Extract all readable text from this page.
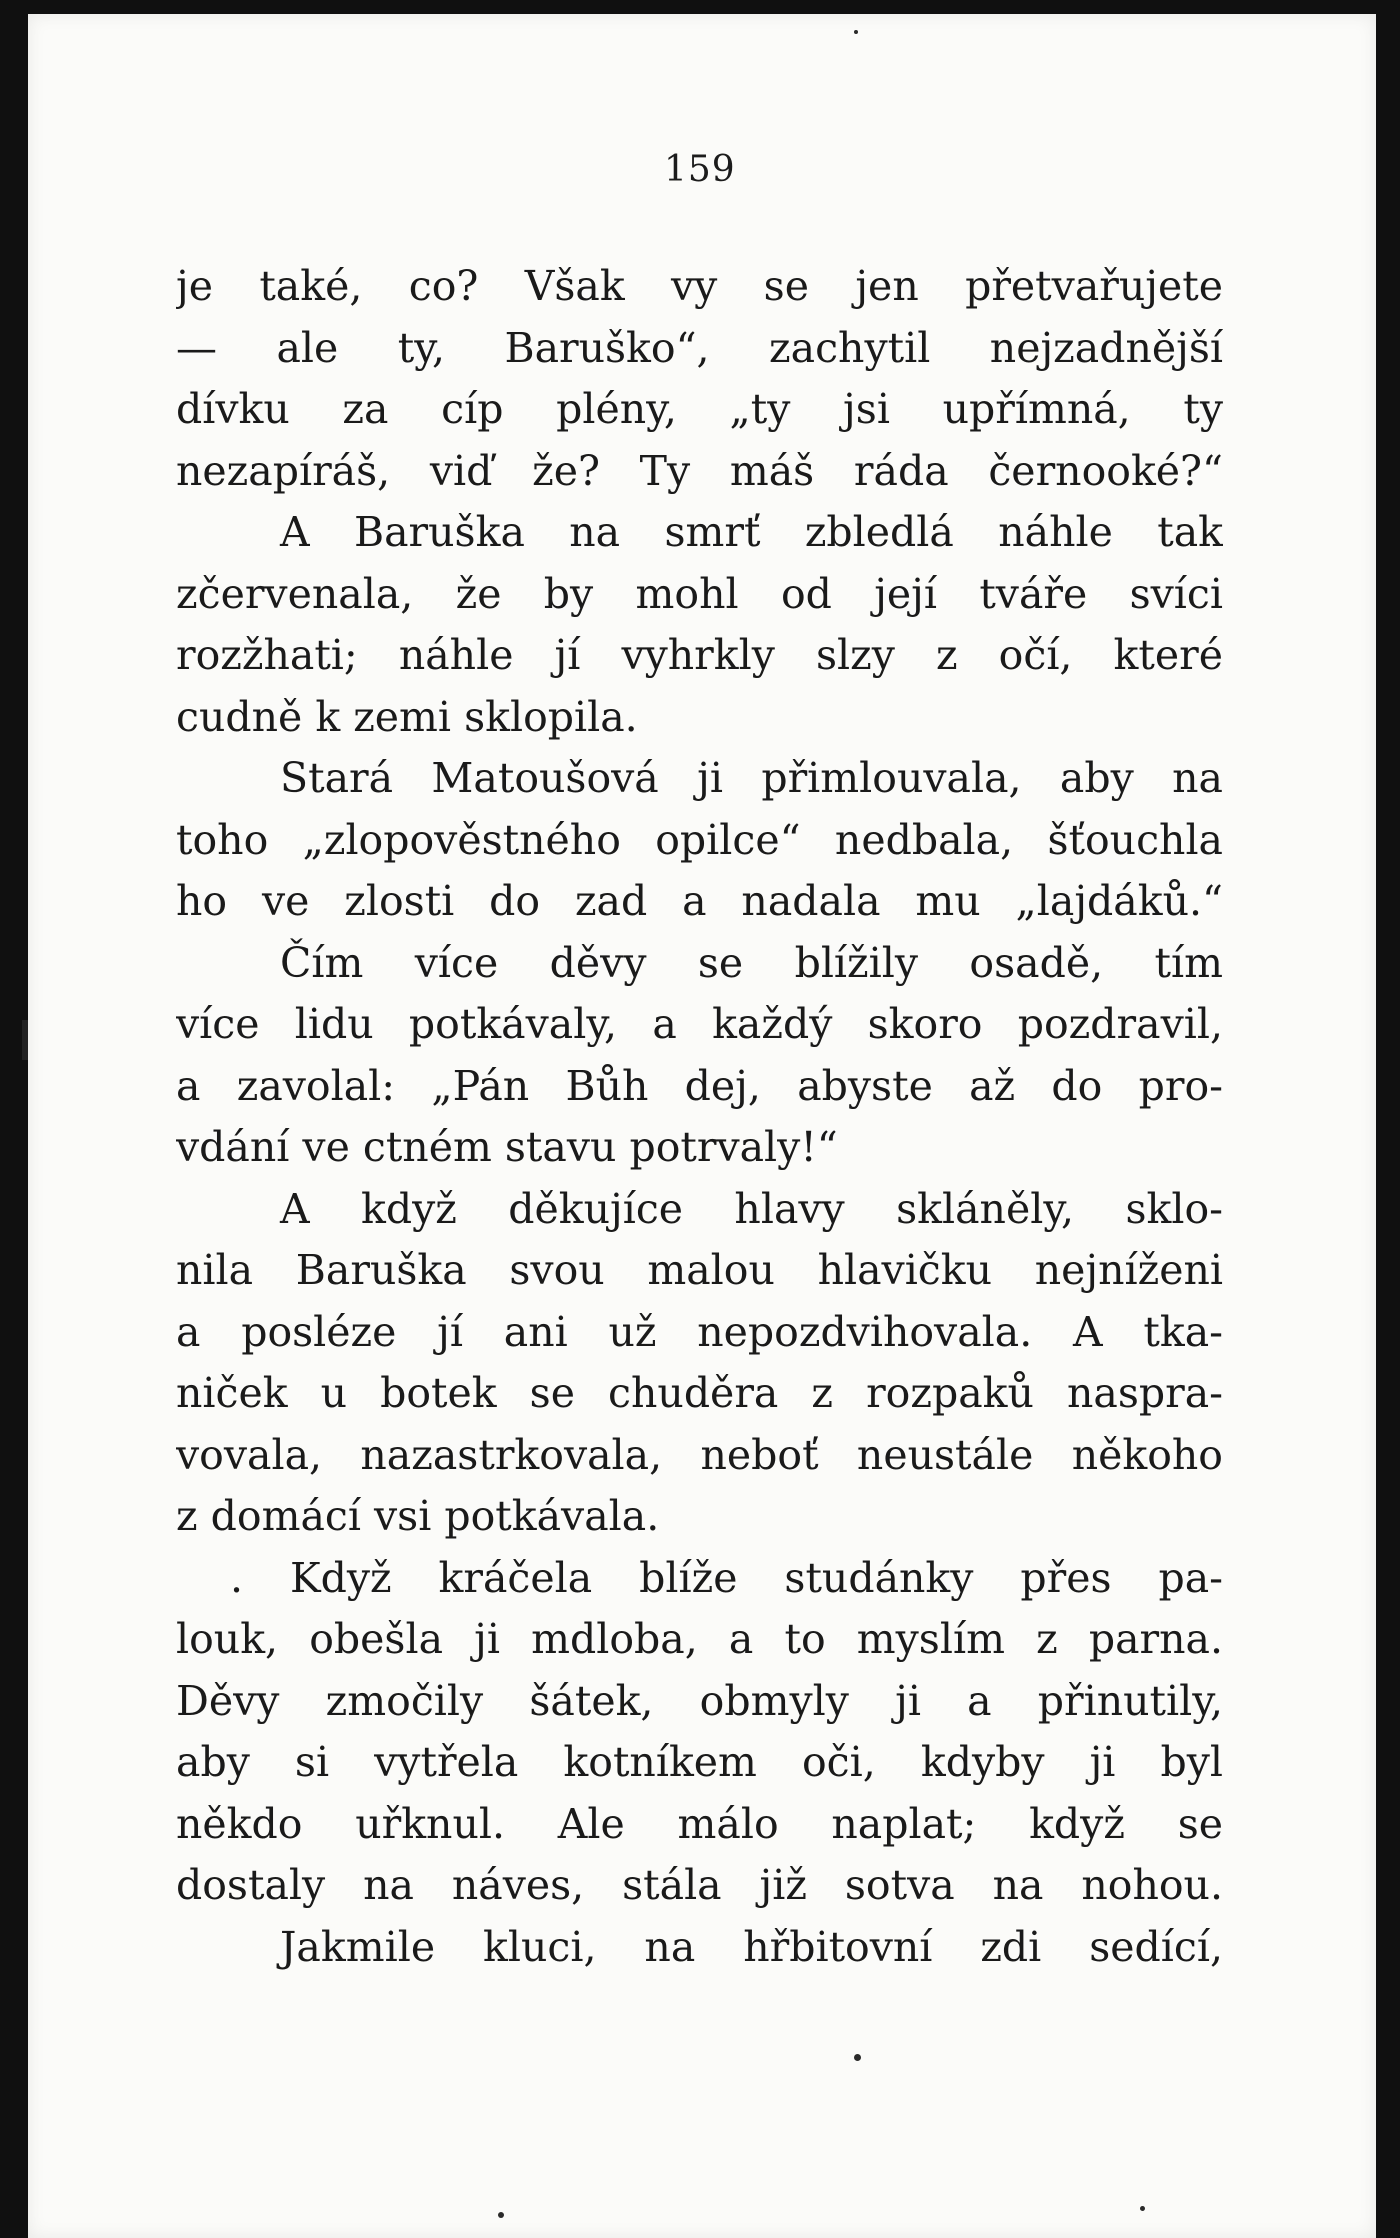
159
je také, co? Však vy se jen přetvařujete
— ale ty, Baruško“, zachytil nejzadnější
dívku za cíp plény, „ty jsi upřímná, ty
nezapíráš, viď že? Ty máš ráda černooké?“
A Baruška na smrť zbledlá náhle tak
zčervenala, že by mohl od její tváře svíci
rozžhati; náhle jí vyhrkly slzy z očí, které
cudně k zemi sklopila.
Stará Matoušová ji přimlouvala, aby na
toho „zlopověstného opilce“ nedbala, šťouchla
ho ve zlosti do zad a nadala mu „lajdáků.“
Čím více děvy se blížily osadě, tím
více lidu potkávaly, a každý skoro pozdravil,
a zavolal: „Pán Bůh dej, abyste až do pro-
vdání ve ctném stavu potrvaly!“
A když děkujíce hlavy skláněly, sklo-
nila Baruška svou malou hlavičku nejníženi
a posléze jí ani už nepozdvihovala. A tka-
niček u botek se chuděra z rozpaků naspra-
vovala, nazastrkovala, neboť neustále někoho
z domácí vsi potkávala.
. Když kráčela blíže studánky přes pa-
louk, obešla ji mdloba, a to myslím z parna.
Děvy zmočily šátek, obmyly ji a přinutily,
aby si vytřela kotníkem oči, kdyby ji byl
někdo uřknul. Ale málo naplat; když se
dostaly na náves, stála již sotva na nohou.
Jakmile kluci, na hřbitovní zdi sedící,
